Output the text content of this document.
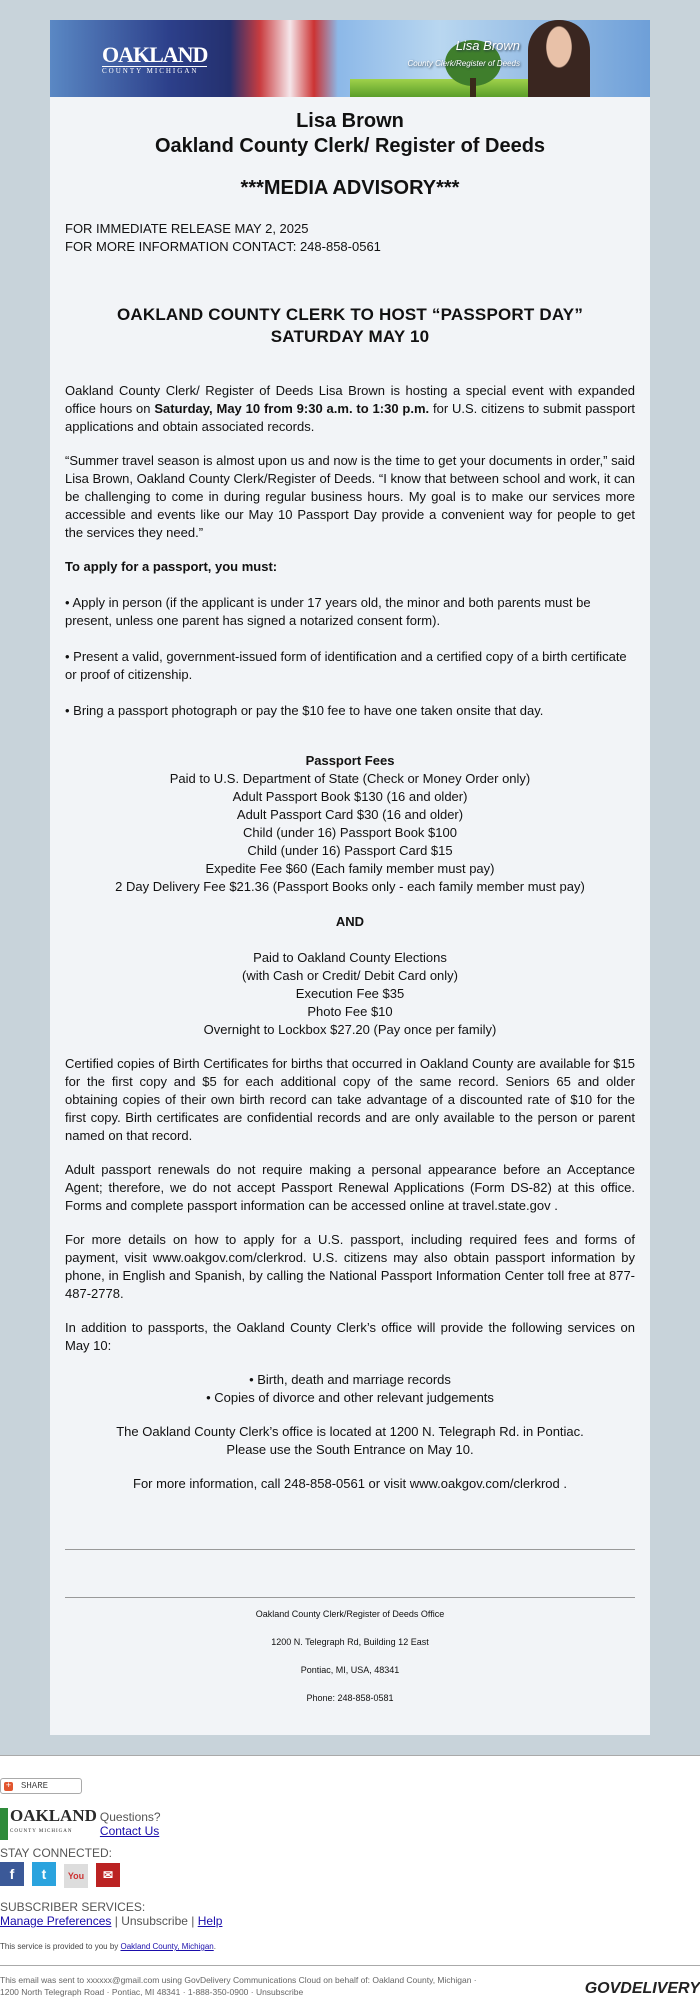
OAKLAND
COUNTY MICHIGAN
Lisa Brown
County Clerk/Register of Deeds
Lisa Brown
Oakland County Clerk/ Register of Deeds
***MEDIA ADVISORY***
FOR IMMEDIATE RELEASE MAY 2, 2025
FOR MORE INFORMATION CONTACT: 248-858-0561
OAKLAND COUNTY CLERK TO HOST “PASSPORT DAY”
SATURDAY MAY 10

Oakland County Clerk/ Register of Deeds Lisa Brown is hosting a special event with expanded office hours on Saturday, May 10 from 9:30 a.m. to 1:30 p.m. for U.S. citizens to submit passport applications and obtain associated records.

“Summer travel season is almost upon us and now is the time to get your documents in order,” said Lisa Brown, Oakland County Clerk/Register of Deeds. “I know that between school and work, it can be challenging to come in during regular business hours. My goal is to make our services more accessible and events like our May 10 Passport Day provide a convenient way for people to get the services they need.”

To apply for a passport, you must:

• Apply in person (if the applicant is under 17 years old, the minor and both parents must be present, unless one parent has signed a notarized consent form).

• Present a valid, government-issued form of identification and a certified copy of a birth certificate or proof of citizenship.

• Bring a passport photograph or pay the $10 fee to have one taken onsite that day.

Passport Fees
Paid to U.S. Department of State (Check or Money Order only)
Adult Passport Book $130 (16 and older)
Adult Passport Card $30 (16 and older)
Child (under 16) Passport Book $100
Child (under 16) Passport Card $15
Expedite Fee $60 (Each family member must pay)
2 Day Delivery Fee $21.36 (Passport Books only - each family member must pay)
AND
Paid to Oakland County Elections
(with Cash or Credit/ Debit Card only)
Execution Fee $35
Photo Fee $10
Overnight to Lockbox $27.20 (Pay once per family)

Certified copies of Birth Certificates for births that occurred in Oakland County are available for $15 for the first copy and $5 for each additional copy of the same record. Seniors 65 and older obtaining copies of their own birth record can take advantage of a discounted rate of $10 for the first copy. Birth certificates are confidential records and are only available to the person or parent named on that record.

Adult passport renewals do not require making a personal appearance before an Acceptance Agent; therefore, we do not accept Passport Renewal Applications (Form DS-82) at this office. Forms and complete passport information can be accessed online at travel.state.gov .

For more details on how to apply for a U.S. passport, including required fees and forms of payment, visit www.oakgov.com/clerkrod. U.S. citizens may also obtain passport information by phone, in English and Spanish, by calling the National Passport Information Center toll free at 877-487-2778.

In addition to passports, the Oakland County Clerk’s office will provide the following services on May 10:

• Birth, death and marriage records
• Copies of divorce and other relevant judgements
The Oakland County Clerk’s office is located at 1200 N. Telegraph Rd. in Pontiac.
Please use the South Entrance on May 10.
For more information, call 248-858-0561 or visit www.oakgov.com/clerkrod .
Oakland County Clerk/Register of Deeds Office
1200 N. Telegraph Rd, Building 12 East
Pontiac, MI, USA, 48341
Phone: 248-858-0581
+ SHARE
OAKLAND
COUNTY MICHIGAN
Questions?
Contact Us
STAY CONNECTED:
f t You ✉
SUBSCRIBER SERVICES:
Manage Preferences | Unsubscribe | Help
This service is provided to you by Oakland County, Michigan.
This email was sent to xxxxxx@gmail.com using GovDelivery Communications Cloud on behalf of: Oakland County, Michigan ·
1200 North Telegraph Road · Pontiac, MI 48341 · 1-888-350-0900 · Unsubscribe	GOVDELIVERY
